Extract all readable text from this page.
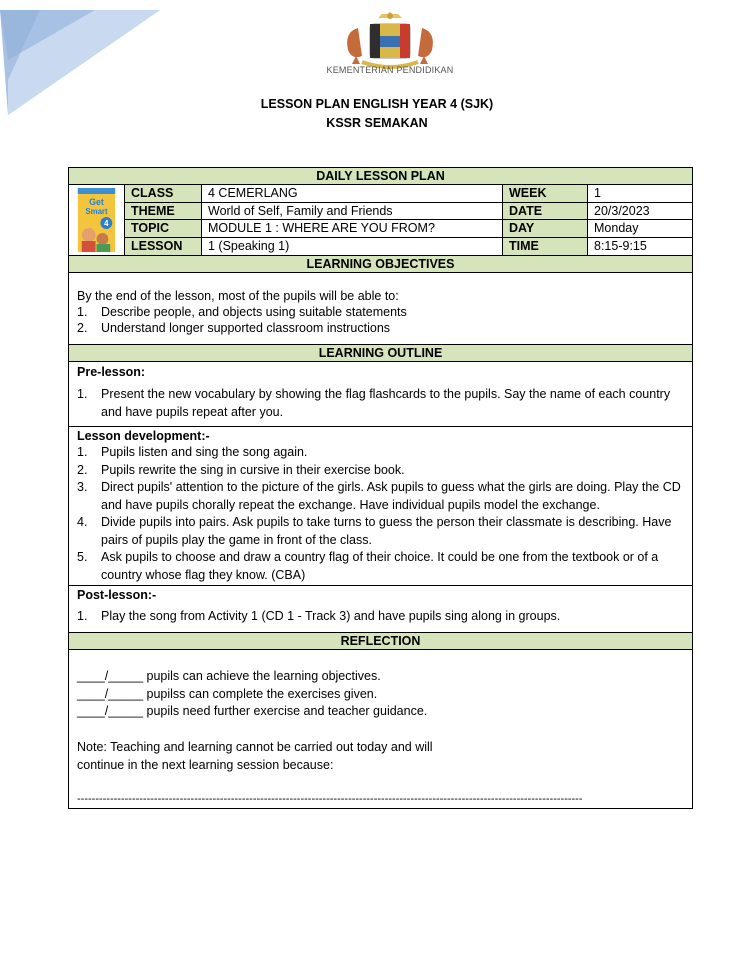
KEMENTERIAN PENDIDIKAN
LESSON PLAN ENGLISH YEAR 4 (SJK)
KSSR SEMAKAN
DAILY LESSON PLAN
Get
Smart
4
CLASS	4 CEMERLANG	WEEK	1
THEME	World of Self, Family and Friends	DATE	20/3/2023
TOPIC	MODULE 1 : WHERE ARE YOU FROM?	DAY	Monday
LESSON	1 (Speaking 1)	TIME	8:15-9:15
LEARNING OBJECTIVES
By the end of the lesson, most of the pupils will be able to:
1. Describe people, and objects using suitable statements
2. Understand longer supported classroom instructions
LEARNING OUTLINE
Pre-lesson:
1. Present the new vocabulary by showing the flag flashcards to the pupils. Say the name of each country and have pupils repeat after you.
Lesson development:-
1. Pupils listen and sing the song again.
2. Pupils rewrite the sing in cursive in their exercise book.
3. Direct pupils' attention to the picture of the girls. Ask pupils to guess what the girls are doing. Play the CD and have pupils chorally repeat the exchange. Have individual pupils model the exchange.
4. Divide pupils into pairs. Ask pupils to take turns to guess the person their classmate is describing. Have pairs of pupils play the game in front of the class.
5. Ask pupils to choose and draw a country flag of their choice. It could be one from the textbook or of a country whose flag they know. (CBA)
Post-lesson:-
1. Play the song from Activity 1 (CD 1 - Track 3) and have pupils sing along in groups.
REFLECTION
____/_____ pupils can achieve the learning objectives.
____/_____ pupilss can complete the exercises given.
____/_____ pupils need further exercise and teacher guidance.
Note: Teaching and learning cannot be carried out today and will
continue in the next learning session because:
------------------------------------------------------------------------------------------------------------------------------------------
